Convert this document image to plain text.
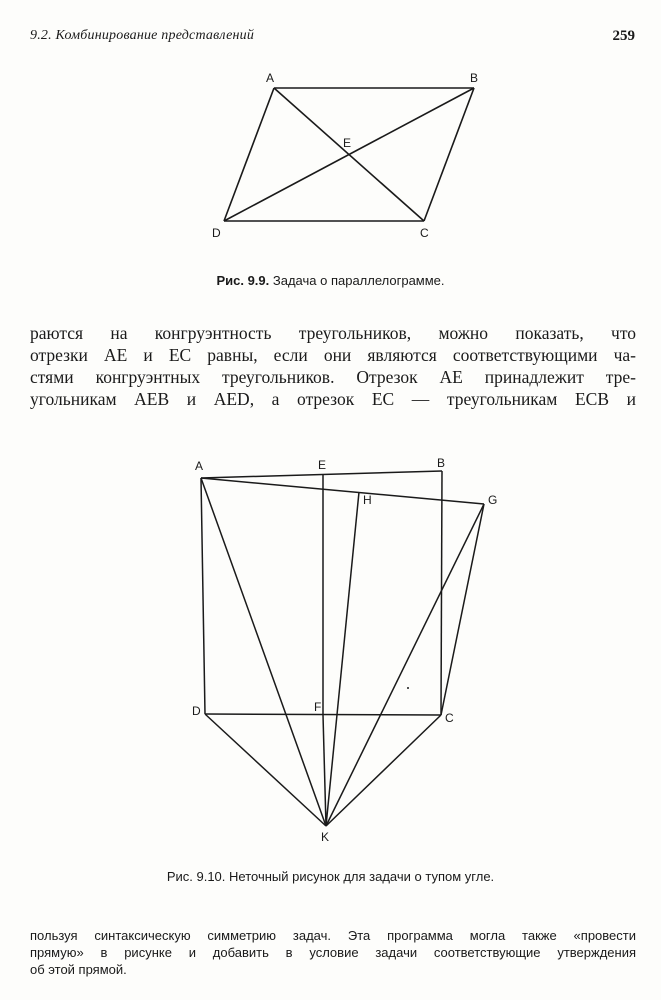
9.2. Комбинирование представлений	259
A	B
E
D	C
Рис. 9.9. Задача о параллелограмме.
раются на конгруэнтность треугольников, можно показать, что
отрезки AE и EC равны, если они являются соответствующими ча-
стями конгруэнтных треугольников. Отрезок AE принадлежит тре-
угольникам AEB и AED, а отрезок EC — треугольникам ECB и
A	E	B
H	G
D	F
C
K
Рис. 9.10. Неточный рисунок для задачи о тупом угле.
пользуя синтаксическую симметрию задач. Эта программа могла также «провести
прямую» в рисунке и добавить в условие задачи соответствующие утверждения
об этой прямой.
